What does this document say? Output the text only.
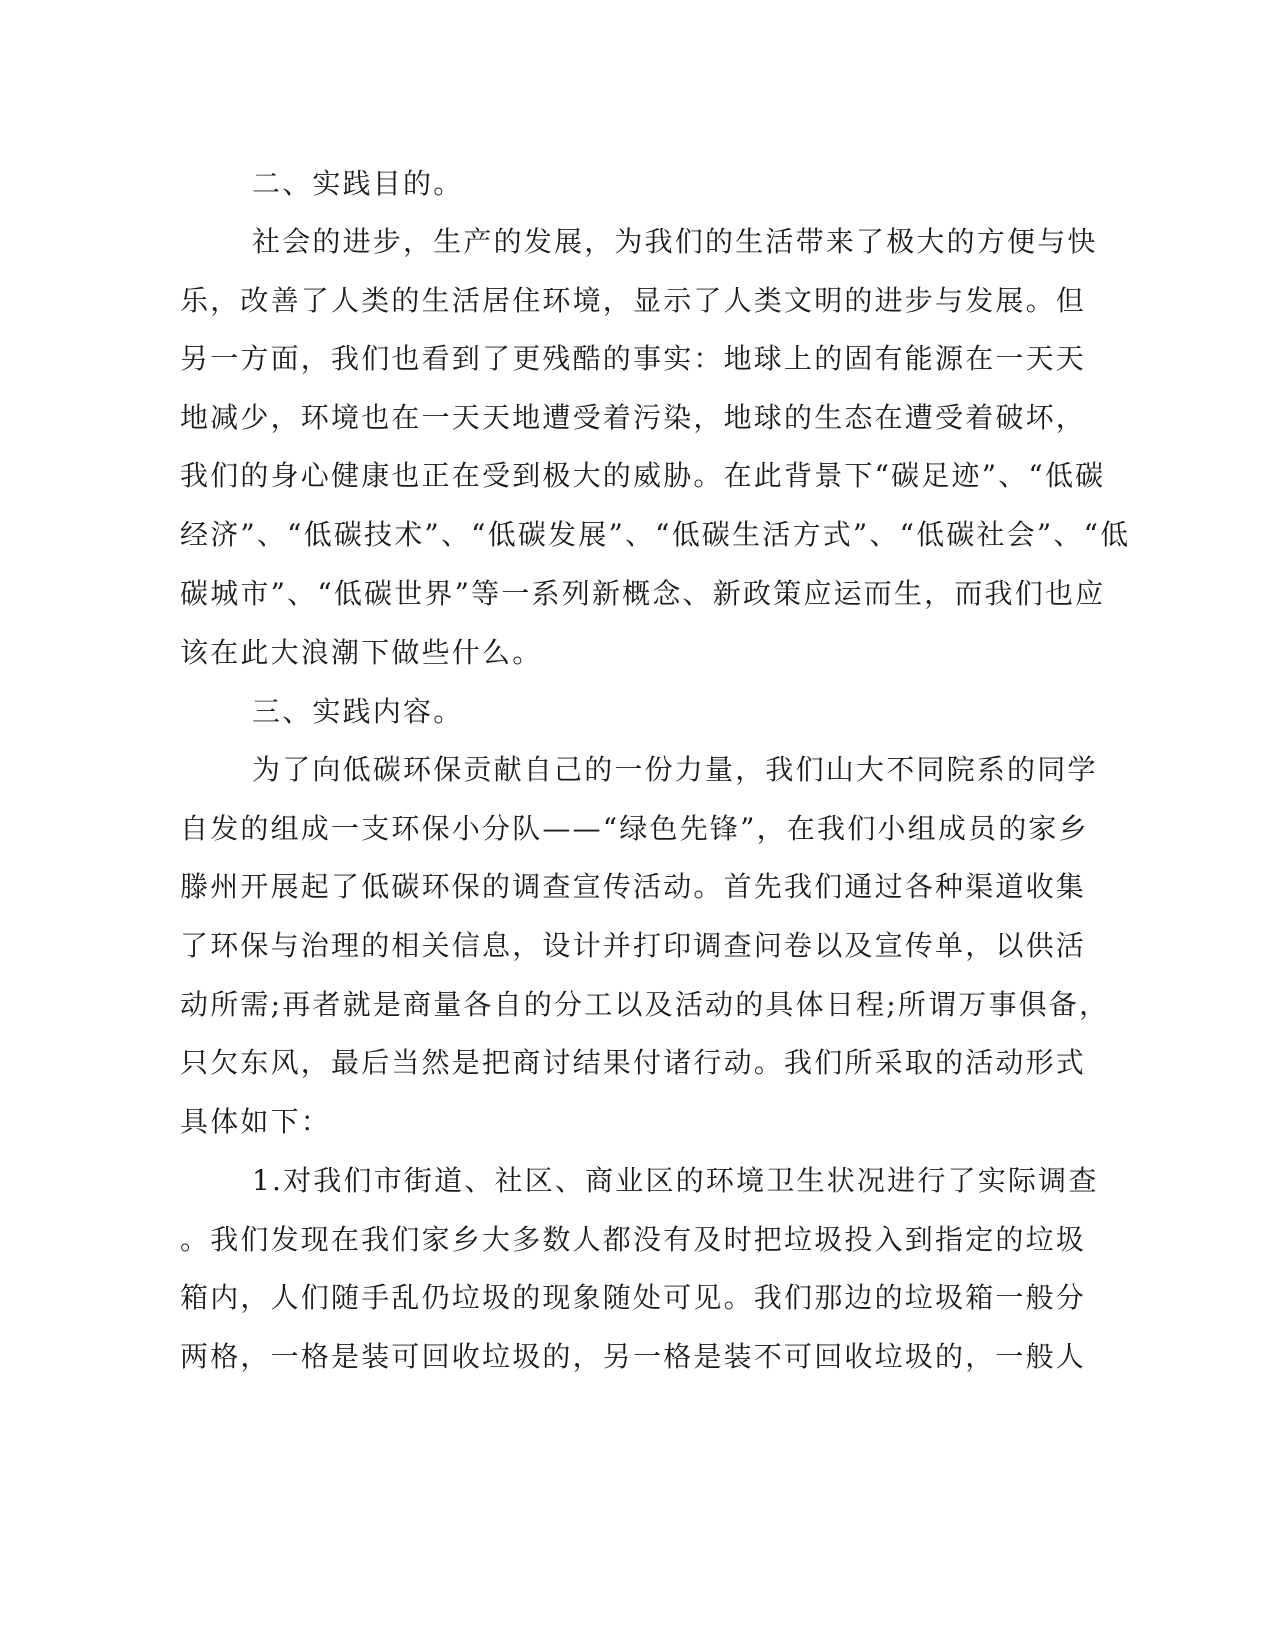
二、实践目的。
社会的进步，生产的发展，为我们的生活带来了极大的方便与快
乐，改善了人类的生活居住环境，显示了人类文明的进步与发展。但
另一方面，我们也看到了更残酷的事实：地球上的固有能源在一天天
地减少，环境也在一天天地遭受着污染，地球的生态在遭受着破坏，
我们的身心健康也正在受到极大的威胁。在此背景下“碳足迹”、“低碳
经济”、“低碳技术”、“低碳发展”、“低碳生活方式”、“低碳社会”、“低
碳城市”、“低碳世界”等一系列新概念、新政策应运而生，而我们也应
该在此大浪潮下做些什么。
三、实践内容。
为了向低碳环保贡献自己的一份力量，我们山大不同院系的同学
自发的组成一支环保小分队——“绿色先锋”，在我们小组成员的家乡
滕州开展起了低碳环保的调查宣传活动。首先我们通过各种渠道收集
了环保与治理的相关信息，设计并打印调查问卷以及宣传单，以供活
动所需;再者就是商量各自的分工以及活动的具体日程;所谓万事俱备，
只欠东风，最后当然是把商讨结果付诸行动。我们所采取的活动形式
具体如下：
1.对我们市街道、社区、商业区的环境卫生状况进行了实际调查
。我们发现在我们家乡大多数人都没有及时把垃圾投入到指定的垃圾
箱内，人们随手乱仍垃圾的现象随处可见。我们那边的垃圾箱一般分
两格，一格是装可回收垃圾的，另一格是装不可回收垃圾的，一般人
